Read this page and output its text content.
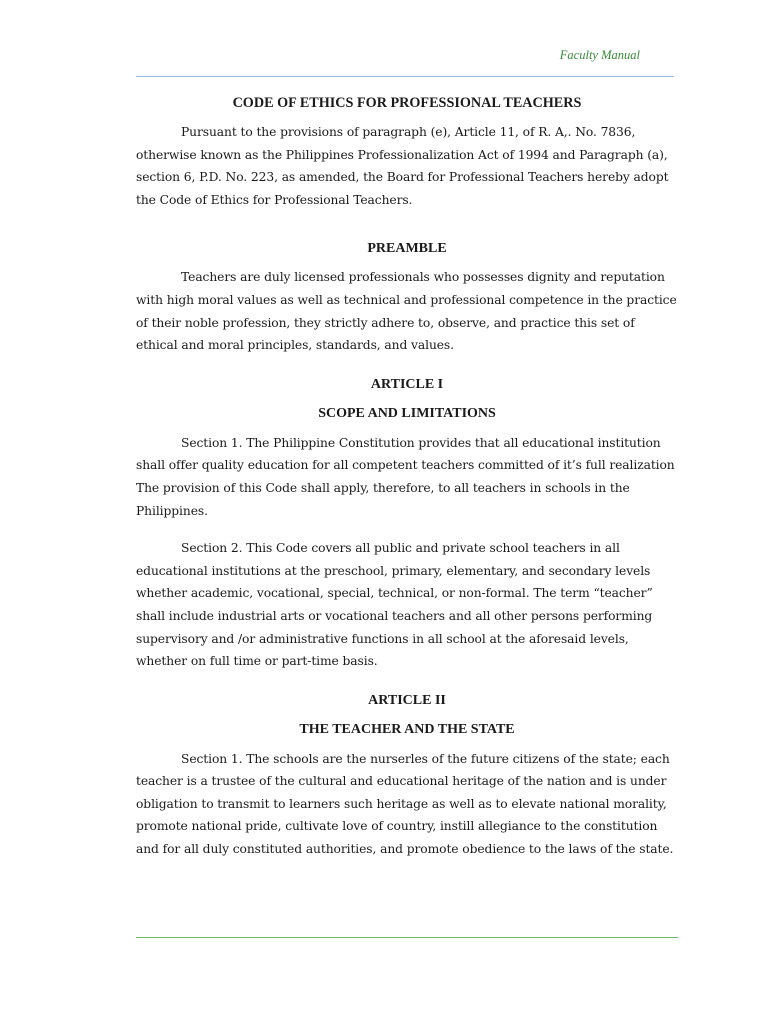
Faculty Manual
CODE OF ETHICS FOR PROFESSIONAL TEACHERS

Pursuant to the provisions of paragraph (e), Article 11, of R. A,. No. 7836, otherwise known as the Philippines Professionalization Act of 1994 and Paragraph (a), section 6, P.D. No. 223, as amended, the Board for Professional Teachers hereby adopt the Code of Ethics for Professional Teachers.

PREAMBLE

Teachers are duly licensed professionals who possesses dignity and reputation with high moral values as well as technical and professional competence in the practice of their noble profession, they strictly adhere to, observe, and practice this set of ethical and moral principles, standards, and values.

ARTICLE I
SCOPE AND LIMITATIONS

Section 1. The Philippine Constitution provides that all educational institution shall offer quality education for all competent teachers committed of it’s full realization The provision of this Code shall apply, therefore, to all teachers in schools in the Philippines.

Section 2. This Code covers all public and private school teachers in all educational institutions at the preschool, primary, elementary, and secondary levels whether academic, vocational, special, technical, or non-formal. The term “teacher” shall include industrial arts or vocational teachers and all other persons performing supervisory and /or administrative functions in all school at the aforesaid levels, whether on full time or part-time basis.

ARTICLE II
THE TEACHER AND THE STATE

Section 1. The schools are the nurserles of the future citizens of the state; each teacher is a trustee of the cultural and educational heritage of the nation and is under obligation to transmit to learners such heritage as well as to elevate national morality, promote national pride, cultivate love of country, instill allegiance to the constitution and for all duly constituted authorities, and promote obedience to the laws of the state.
